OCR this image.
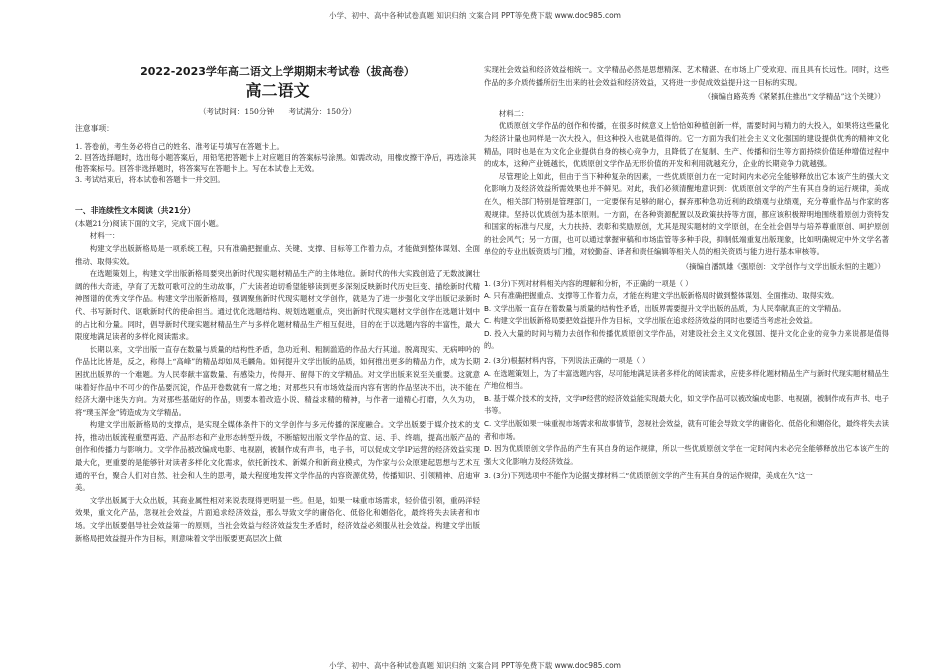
小学、初中、高中各种试卷真题 知识归纳 文案合同 PPT等免费下载 www.doc985.com

2022-2023学年高二语文上学期期末考试卷（拔高卷）

高二语文

（考试时间：150分钟 考试满分：150分）

注意事项：

1. 答卷前，考生务必将自己的姓名、准考证号填写在答题卡上。

2. 回答选择题时，选出每小题答案后，用铅笔把答题卡上对应题目的答案标号涂黑。如需改动，用橡皮擦干净后，再选涂其他答案标号。回答非选择题时，将答案写在答题卡上。写在本试卷上无效。

3. 考试结束后，将本试卷和答题卡一并交回。

一、非连续性文本阅读（共21分）

(本题21分)阅读下面的文字，完成下面小题。

材料一：

构建文学出版新格局是一项系统工程，只有准确把握重点、关键、支撑、目标等工作着力点，才能做到整体谋划、全面推动、取得实效。

在选题策划上，构建文学出版新格局要突出新时代现实题材精品生产的主体地位。新时代的伟大实践创造了无数波澜壮阔的伟大奇迹，孕育了无数可歌可泣的生动故事，广大读者迫切希望能够读到更多深刻反映新时代历史巨变、描绘新时代精神图谱的优秀文学作品。构建文学出版新格局，强调聚焦新时代现实题材文学创作，就是为了进一步强化文学出版记录新时代、书写新时代、讴歌新时代的使命担当。通过优化选题结构、规划选题重点，突出新时代现实题材文学创作在选题计划中的占比和分量。同时，倡导新时代现实题材精品生产与多样化题材精品生产相互促进，目的在于以选题内容的丰富性，最大限度地满足读者的多样化阅读需求。

长期以来，文学出版一直存在数量与质量的结构性矛盾，急功近利、粗制滥造的作品大行其道。脱离现实、无病呻吟的作品比比皆是，反之，称得上“高峰”的精品却如凤毛麟角。如何提升文学出版的品质，如何推出更多的精品力作，成为长期困扰出版界的一个难题。为人民奉献丰富数量、有感染力，传得开、留得下的文学精品。对文学出版来说至关重要。这就意味着好作品中不可少的作品要沉淀，作品开卷数就有一席之地；对那些只有市场效益而内容有害的作品坚决不出，决不能在经济大潮中迷失方向。为对那些基础好的作品，则要本着改造小说、精益求精的精神，与作者一道精心打磨，久久为功，将“璞玉浑金”铸造成为文学精品。

构建文学出版新格局的支撑点，是实现全媒体条件下的文学创作与多元传播的深度融合。文学出版要于媒介技术的支持，推动出版流程重塑再造、产品形态和产业形态转型升级，不断缩短出版文学作品的宣、运、手、终端，提高出版产品的创作和传播力与影响力。文学作品被改编成电影、电视剧，被制作成有声书，电子书，可以促成文学IP运营的经济效益实现最大化，更重要的是能够针对读者多样化文化需求，依托新技术、新媒介和新商业模式，为作家与公众原建起思想与艺术互通的平台，聚合人们对自然、社会和人生的思考，最大程度地发挥文学作品的内容资源优势，传播知识、引领精神、启迪审美。

文学出版属于大众出版，其商业属性相对来说表现得更明显一些。但是，如果一味重市场需求，轻价值引领，重码洋轻效果，重文化产品，忽视社会效益，片面追求经济效益，那么导致文学的庸俗化、低俗化和媚俗化，最终将失去读者和市场。文学出版要倡导社会效益第一的原则，当社会效益与经济效益发生矛盾时，经济效益必须服从社会效益。构建文学出版新格局把效益提升作为目标，则意味着文学出版要更高层次上做

实现社会效益和经济效益相统一。文学精品必然是思想精深、艺术精湛、在市场上广受欢迎、而且具有长远性。同时，这些作品的多介质传播所衍生出来的社会效益和经济效益，又将进一步促成效益提升这一目标的实现。

（摘编自路英秀《紧紧抓住推出“文学精品”这个关键》）

材料二：

优质原创文学作品的创作和传播，在很多时候意义上恰恰如种植创新一样，需要时间与精力的大投入，如果将这些量化为经济计量也同样是一次大投入，但这种投入也就是值得的。它一方面为我们社会主义文化强国的建设提供优秀的精神文化精品，同时也是在为文化企业提供自身的核心竞争力，且降低了在复制、生产、传播和衍生等方面持续价值延伸增值过程中的成本，这种产业链越长，优质原创文学作品无形价值的开发和利用就越充分，企业的长期竞争力就越强。

尽管理论上如此，但由于当下种种复杂的因素，一些优质原创力在一定时间内未必完全能够释放出它本该产生的强大文化影响力及经济效益所需效果也并不鲜见。对此，我们必须清醒地意识到：优质原创文学的产生有其自身的运行规律，美成在久，相关部门特别是管理部门，一定要保有足够的耐心，摒弃那种急功近利的政绩观与业绩观，充分尊重作品与作家的客观规律。坚持以优质创为基本原则。一方面，在各种资源配置以及政策扶持等方面，都应该积极辩明地围绕着原创力资特发和国家的标准与尺度，大力扶持、表彰和奖励原创，尤其是现实题材的文学原创，在全社会倡导与培养尊重原创、呵护原创的社会风气；另一方面，也可以通过掌握审稿和市场监管等多种手段，抑制低端重复出版现象，比如明确规定中外文学名著单位的专业出版资质与门槛，对较勤奋、译者和责任编辑等相关人员的相关资质与能力进行基本审核等。

（摘编自潘凯雄《强原创：文学创作与文学出版永恒的主题》）

1. (3分)下列对材料相关内容的理解和分析，不正确的一项是（ ）

A. 只有准确把握重点、支撑等工作着力点，才能在构建文学出版新格局时做到整体谋划、全面推动、取得实效。

B. 文学出版一直存在着数量与质量的结构性矛盾，出版界需要提升文学出版的品质，为人民奉献真正的文学精品。

C. 构建文学出版新格局要把效益提升作为目标，文学出版在追求经济效益的同时也要适当考虑社会效益。

D. 投入大量的时间与精力去创作和传播优质原创文学作品，对建设社会主义文化强国、提升文化企业的竞争力来说都是值得的。

2. (3分)根据材料内容，下列说法正确的一项是（ ）

A. 在选题策划上，为了丰富选题内容，尽可能地满足读者多样化的阅读需求，应使多样化题材精品生产与新时代现实题材精品生产地位相当。

B. 基于媒介技术的支持，文学IP经营的经济效益能实现最大化，如文学作品可以被改编成电影、电视剧，被制作成有声书、电子书等。

C. 文学出版如果一味重视市场需求和故事情节，忽视社会效益，就有可能会导致文学的庸俗化、低俗化和媚俗化，最终将失去读者和市场。

D. 因为优质原创文学作品的产生有其自身的运作规律，所以一些优质原创文学在一定时间内未必完全能够释放出它本该产生的强大文化影响力及经济效益。

3. (3分)下列选项中不能作为论据支撑材料二“优质原创文学的产生有其自身的运作规律，美成在久”这一

小学、初中、高中各种试卷真题 知识归纳 文案合同 PPT等免费下载 www.doc985.com
